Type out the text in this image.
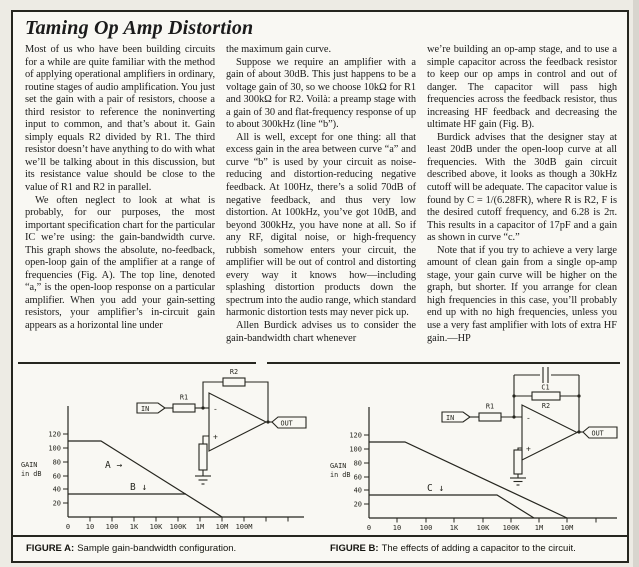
Taming Op Amp Distortion

Most of us who have been building circuits for a while are quite familiar with the method of applying operational amplifiers in ordinary, routine stages of audio amplification. You just set the gain with a pair of resistors, choose a third resistor to reference the noninverting input to common, and that’s about it. Gain simply equals R2 divided by R1. The third resistor doesn’t have anything to do with what we’ll be talking about in this discussion, but its resistance value should be close to the value of R1 and R2 in parallel.

We often neglect to look at what is probably, for our purposes, the most important specification chart for the particular IC we’re using: the gain-bandwidth curve. This graph shows the absolute, no-feedback, open-loop gain of the amplifier at a range of frequencies (Fig. A). The top line, denoted “a,” is the open-loop response on a particular amplifier. When you add your gain-setting resistors, your amplifier’s in-circuit gain appears as a horizontal line under

the maximum gain curve.

Suppose we require an amplifier with a gain of about 30dB. This just happens to be a voltage gain of 30, so we choose 10kΩ for R1 and 300kΩ for R2. Voilà: a preamp stage with a gain of 30 and flat-frequency response of up to about 300kHz (line “b”).

All is well, except for one thing: all that excess gain in the area between curve “a” and curve “b” is used by your circuit as noise-reducing and distortion-reducing negative feedback. At 100Hz, there’s a solid 70dB of negative feedback, and thus very low distortion. At 100kHz, you’ve got 10dB, and beyond 300kHz, you have none at all. So if any RF, digital noise, or high-frequency rubbish somehow enters your circuit, the amplifier will be out of control and distorting every way it knows how—including splashing distortion products down the spectrum into the audio range, which standard harmonic distortion tests may never pick up.

Allen Burdick advises us to consider the gain-bandwidth chart whenever

we’re building an op-amp stage, and to use a simple capacitor across the feedback resistor to keep our op amps in control and out of danger. The capacitor will pass high frequencies across the feedback resistor, thus increasing HF feedback and decreasing the ultimate HF gain (Fig. B).

Burdick advises that the designer stay at least 20dB under the open-loop curve at all frequencies. With the 30dB gain circuit described above, it looks as though a 30kHz cutoff will be adequate. The capacitor value is found by C = 1/(6.28FR), where R is R2, F is the desired cutoff frequency, and 6.28 is 2π. This results in a capacitor of 17pF and a gain as shown in curve “c.”

Note that if you try to achieve a very large amount of clean gain from a single op-amp stage, your gain curve will be higher on the graph, but shorter. If you arrange for clean high frequencies in this case, you’ll probably end up with no high frequencies, unless you use a very fast amplifier with lots of extra HF gain.—HP

IN
R1
R2
OUT
-
+
120
100
80
60
40
20
0 10 100 1K 10K 100K 1M 10M 100M
GAIN
in dB
A →
B ↓
IN
R1
C1
R2
OUT
-
+
120
100
80
60
40
20
0	10	100 1K	10K 100K 1M 10M
GAIN
in dB
C ↓
FIGURE A: Sample gain-bandwidth configuration.	FIGURE B: The effects of adding a capacitor to the circuit.
